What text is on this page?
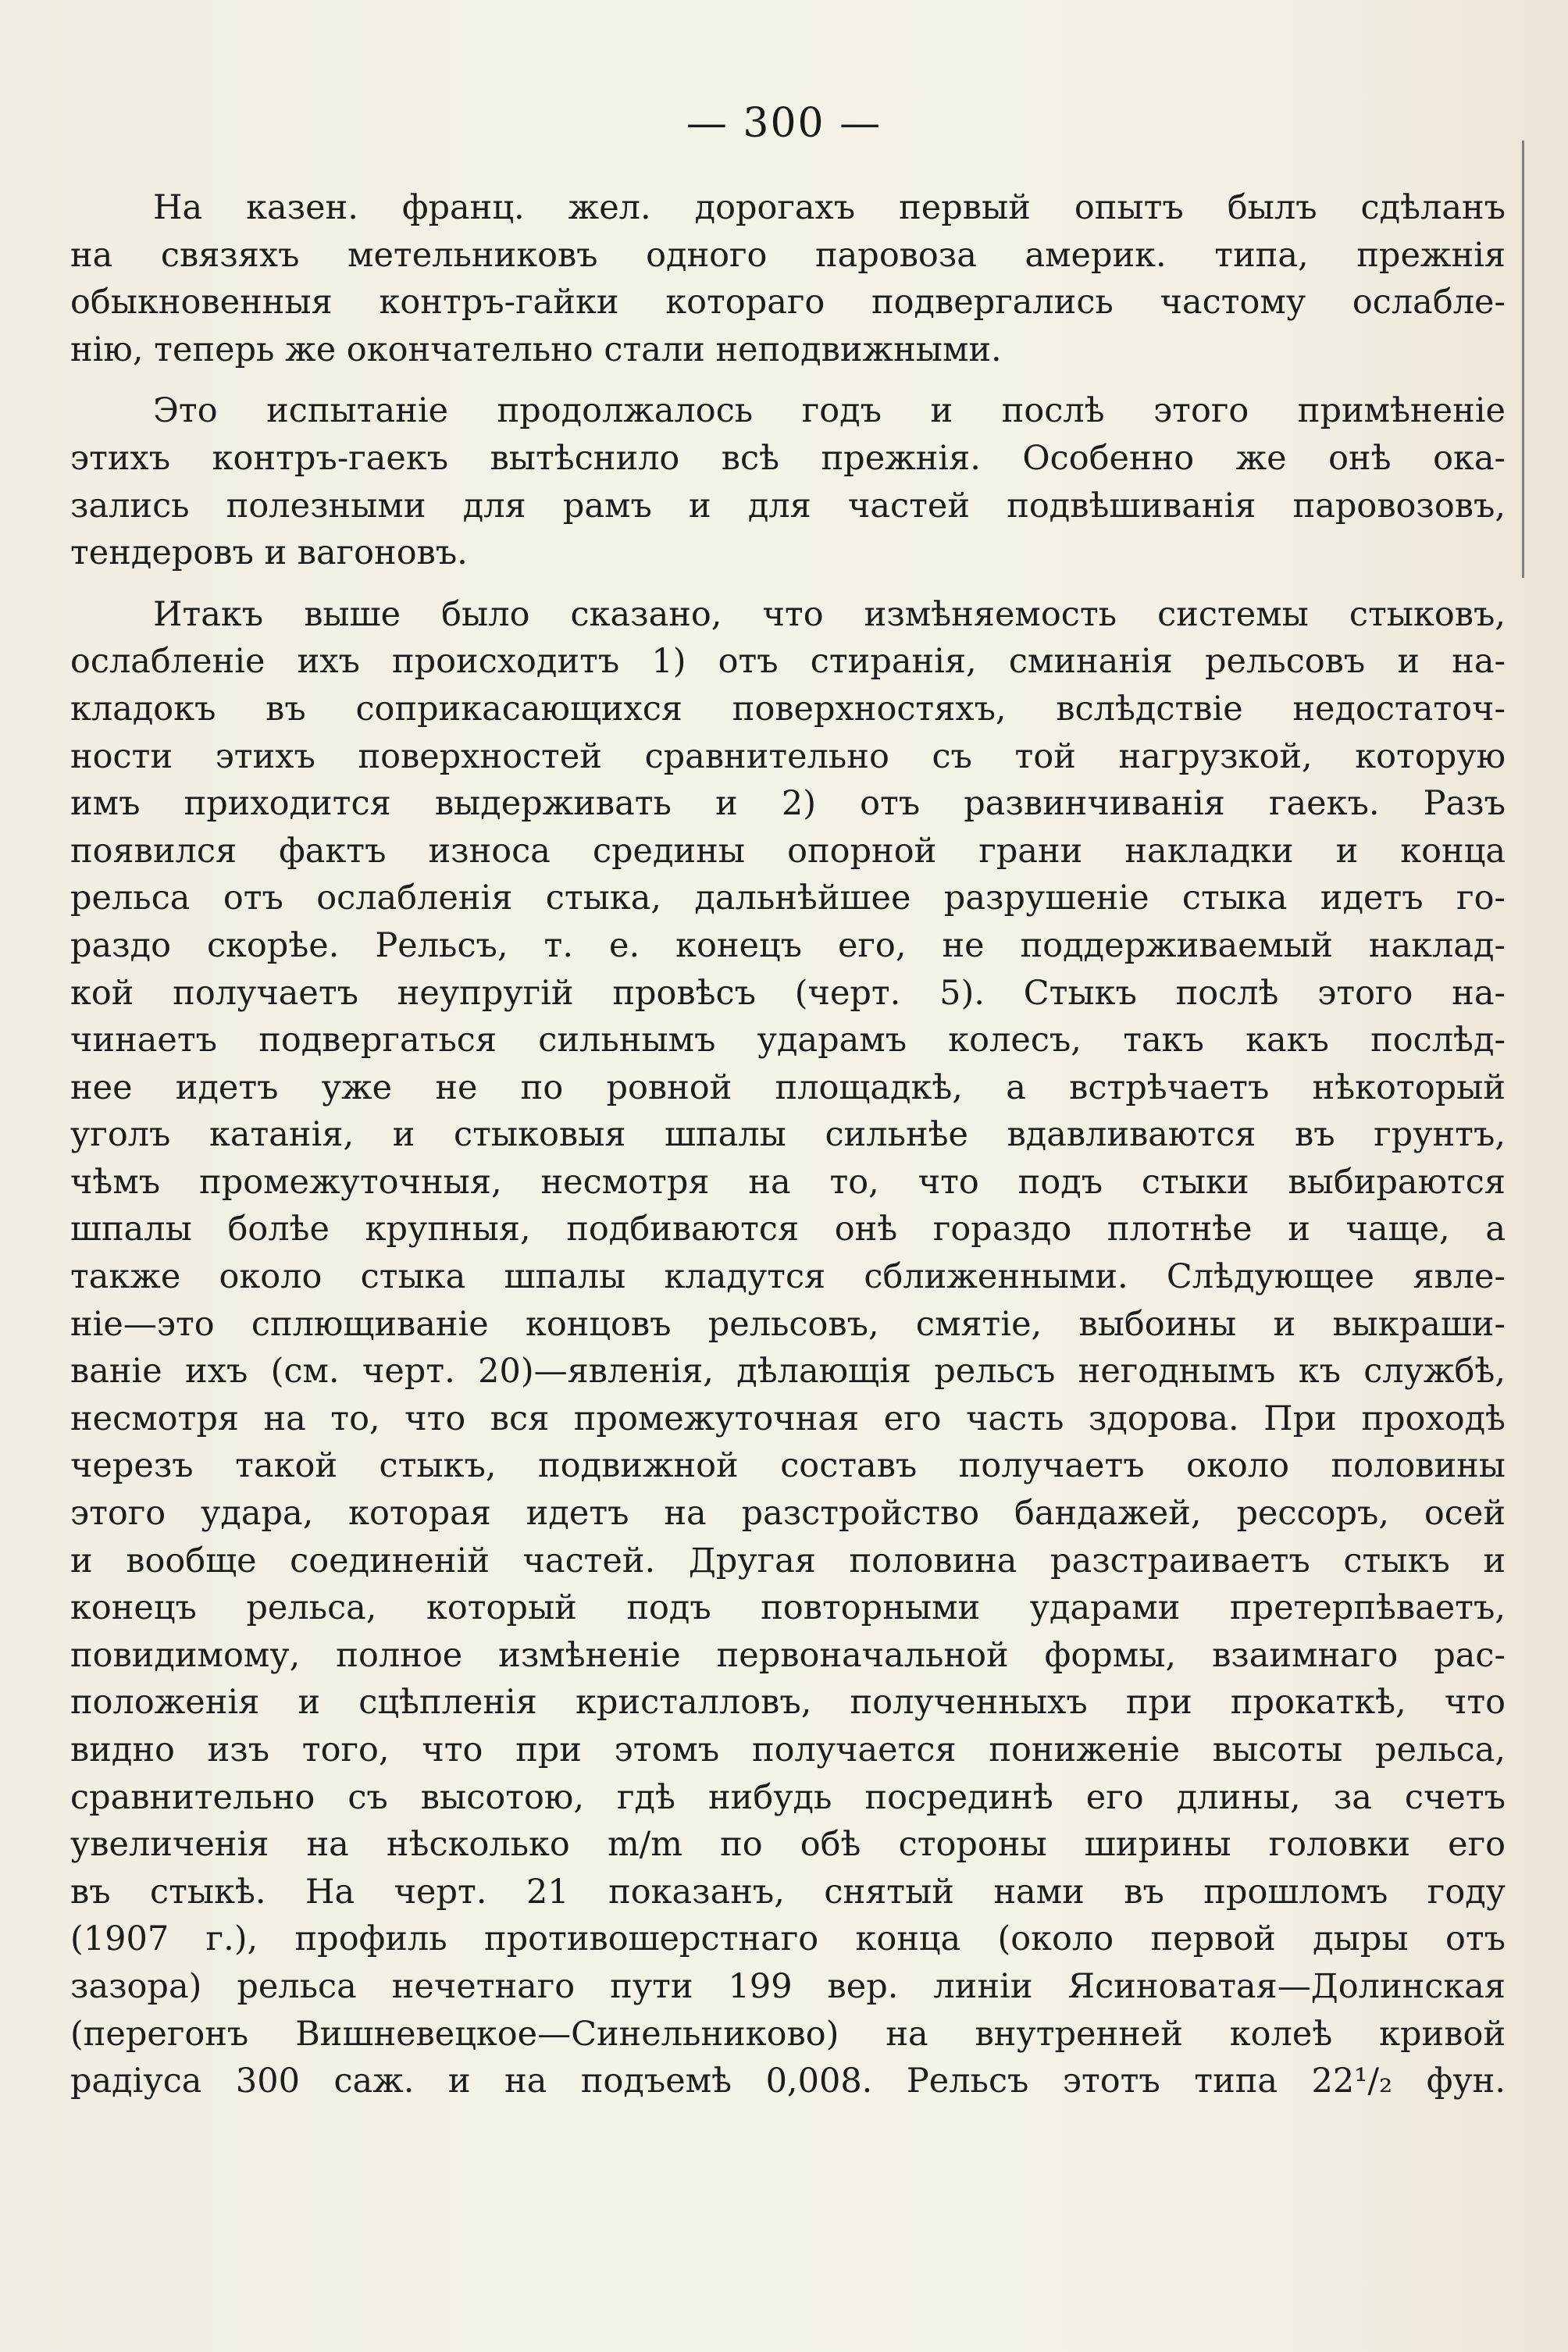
— 300 —
На казен. франц. жел. дорогахъ первый опытъ былъ сдѣланъ
на связяхъ метельниковъ одного паровоза америк. типа, прежнія
обыкновенныя контръ-гайки котораго подвергались частому ослабле-
нію, теперь же окончательно стали неподвижными.
Это испытаніе продолжалось годъ и послѣ этого примѣненіе
этихъ контръ-гаекъ вытѣснило всѣ прежнія. Особенно же онѣ ока-
зались полезными для рамъ и для частей подвѣшиванія паровозовъ,
тендеровъ и вагоновъ.
Итакъ выше было сказано, что измѣняемость системы стыковъ,
ослабленіе ихъ происходитъ 1) отъ стиранія, сминанія рельсовъ и на-
кладокъ въ соприкасающихся поверхностяхъ, вслѣдствіе недостаточ-
ности этихъ поверхностей сравнительно съ той нагрузкой, которую
имъ приходится выдерживать и 2) отъ развинчиванія гаекъ. Разъ
появился фактъ износа средины опорной грани накладки и конца
рельса отъ ослабленія стыка, дальнѣйшее разрушеніе стыка идетъ го-
раздо скорѣе. Рельсъ, т. е. конецъ его, не поддерживаемый наклад-
кой получаетъ неупругій провѣсъ (черт. 5). Стыкъ послѣ этого на-
чинаетъ подвергаться сильнымъ ударамъ колесъ, такъ какъ послѣд-
нее идетъ уже не по ровной площадкѣ, а встрѣчаетъ нѣкоторый
уголъ катанія, и стыковыя шпалы сильнѣе вдавливаются въ грунтъ,
чѣмъ промежуточныя, несмотря на то, что подъ стыки выбираются
шпалы болѣе крупныя, подбиваются онѣ гораздо плотнѣе и чаще, а
также около стыка шпалы кладутся сближенными. Слѣдующее явле-
ніе—это сплющиваніе концовъ рельсовъ, смятіе, выбоины и выкраши-
ваніе ихъ (см. черт. 20)—явленія, дѣлающія рельсъ негоднымъ къ службѣ,
несмотря на то, что вся промежуточная его часть здорова. При проходѣ
черезъ такой стыкъ, подвижной составъ получаетъ около половины
этого удара, которая идетъ на разстройство бандажей, рессоръ, осей
и вообще соединеній частей. Другая половина разстраиваетъ стыкъ и
конецъ рельса, который подъ повторными ударами претерпѣваетъ,
повидимому, полное измѣненіе первоначальной формы, взаимнаго рас-
положенія и сцѣпленія кристалловъ, полученныхъ при прокаткѣ, что
видно изъ того, что при этомъ получается пониженіе высоты рельса,
сравнительно съ высотою, гдѣ нибудь посрединѣ его длины, за счетъ
увеличенія на нѣсколько m/m по обѣ стороны ширины головки его
въ стыкѣ. На черт. 21 показанъ, снятый нами въ прошломъ году
(1907 г.), профиль противошерстнаго конца (около первой дыры отъ
зазора) рельса нечетнаго пути 199 вер. линіи Ясиноватая—Долинская
(перегонъ Вишневецкое—Синельниково) на внутренней колеѣ кривой
радіуса 300 саж. и на подъемѣ 0,008. Рельсъ этотъ типа 22¹/₂ фун.
